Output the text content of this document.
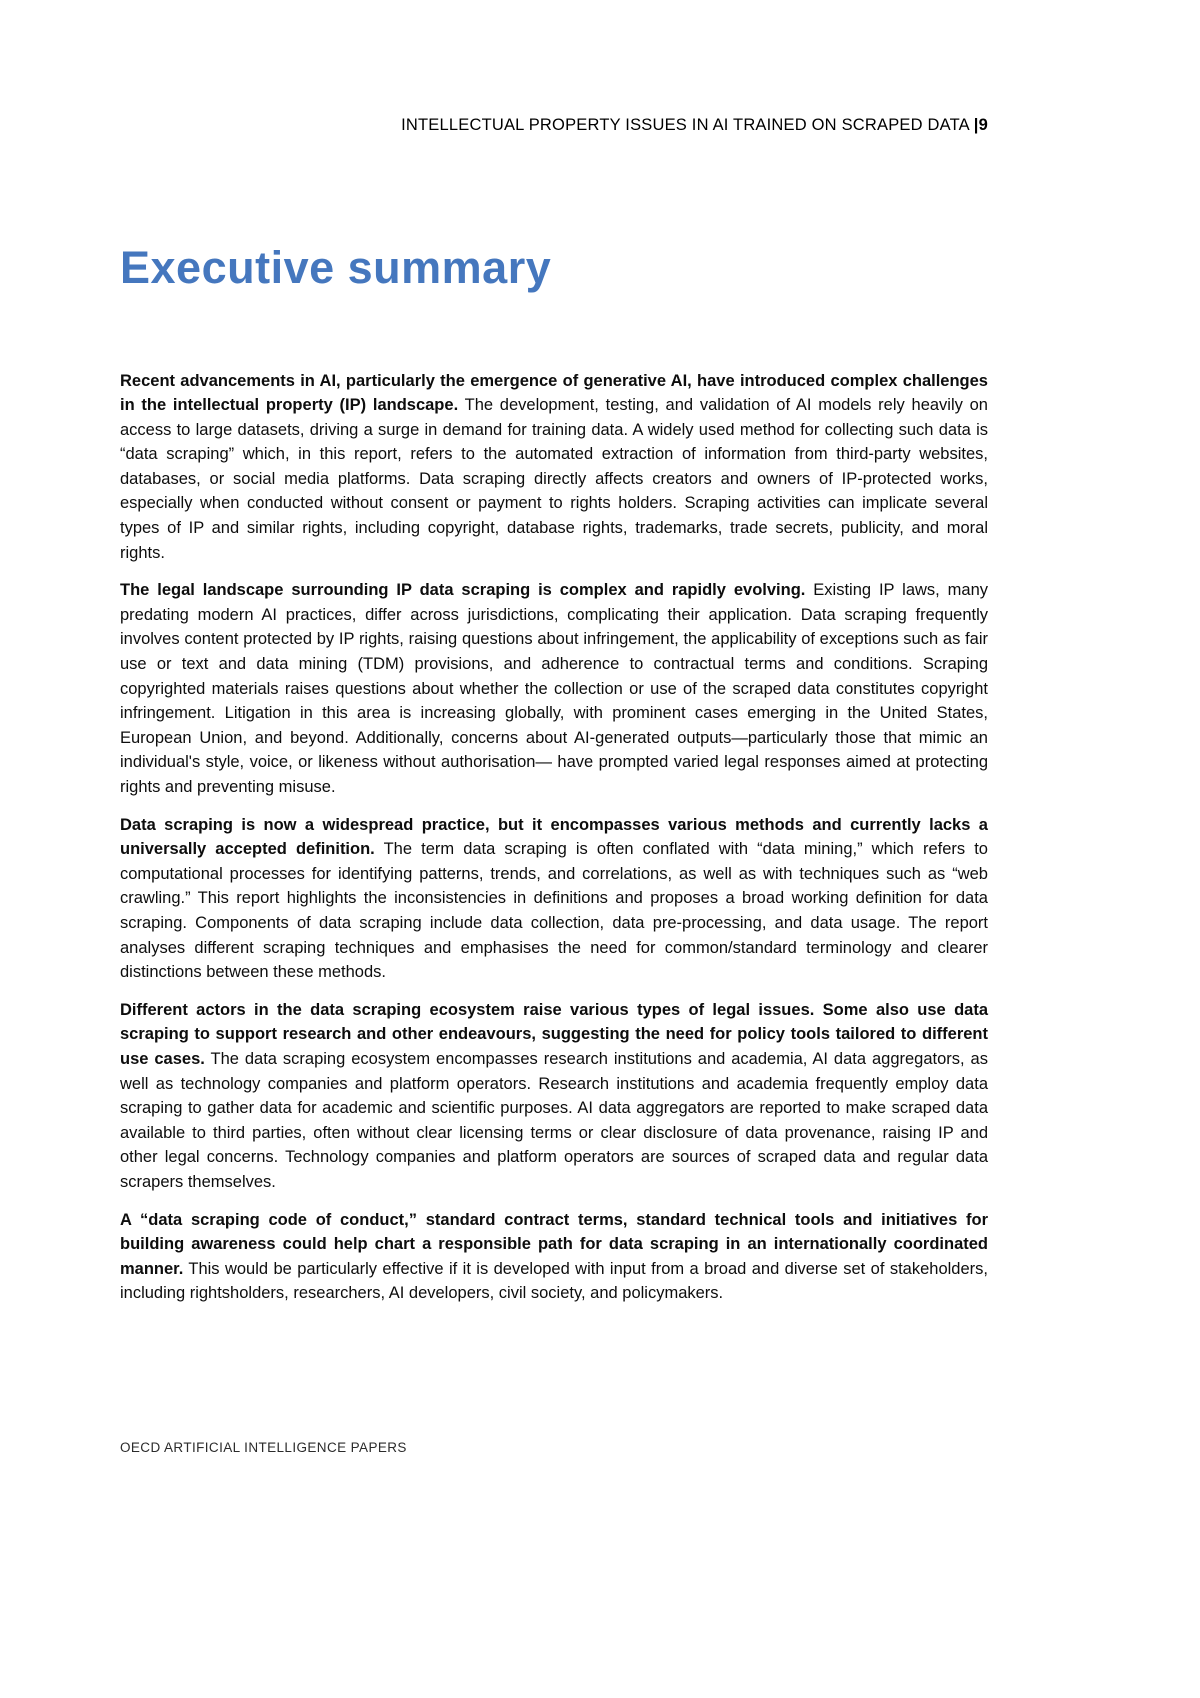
INTELLECTUAL PROPERTY ISSUES IN AI TRAINED ON SCRAPED DATA |9
Executive summary

Recent advancements in AI, particularly the emergence of generative AI, have introduced complex challenges in the intellectual property (IP) landscape. The development, testing, and validation of AI models rely heavily on access to large datasets, driving a surge in demand for training data. A widely used method for collecting such data is “data scraping” which, in this report, refers to the automated extraction of information from third-party websites, databases, or social media platforms. Data scraping directly affects creators and owners of IP-protected works, especially when conducted without consent or payment to rights holders. Scraping activities can implicate several types of IP and similar rights, including copyright, database rights, trademarks, trade secrets, publicity, and moral rights.

The legal landscape surrounding IP data scraping is complex and rapidly evolving. Existing IP laws, many predating modern AI practices, differ across jurisdictions, complicating their application. Data scraping frequently involves content protected by IP rights, raising questions about infringement, the applicability of exceptions such as fair use or text and data mining (TDM) provisions, and adherence to contractual terms and conditions. Scraping copyrighted materials raises questions about whether the collection or use of the scraped data constitutes copyright infringement. Litigation in this area is increasing globally, with prominent cases emerging in the United States, European Union, and beyond. Additionally, concerns about AI-generated outputs—particularly those that mimic an individual's style, voice, or likeness without authorisation— have prompted varied legal responses aimed at protecting rights and preventing misuse.

Data scraping is now a widespread practice, but it encompasses various methods and currently lacks a universally accepted definition. The term data scraping is often conflated with “data mining,” which refers to computational processes for identifying patterns, trends, and correlations, as well as with techniques such as “web crawling.” This report highlights the inconsistencies in definitions and proposes a broad working definition for data scraping. Components of data scraping include data collection, data pre-processing, and data usage. The report analyses different scraping techniques and emphasises the need for common/standard terminology and clearer distinctions between these methods.

Different actors in the data scraping ecosystem raise various types of legal issues. Some also use data scraping to support research and other endeavours, suggesting the need for policy tools tailored to different use cases. The data scraping ecosystem encompasses research institutions and academia, AI data aggregators, as well as technology companies and platform operators. Research institutions and academia frequently employ data scraping to gather data for academic and scientific purposes. AI data aggregators are reported to make scraped data available to third parties, often without clear licensing terms or clear disclosure of data provenance, raising IP and other legal concerns. Technology companies and platform operators are sources of scraped data and regular data scrapers themselves.

A “data scraping code of conduct,” standard contract terms, standard technical tools and initiatives for building awareness could help chart a responsible path for data scraping in an internationally coordinated manner. This would be particularly effective if it is developed with input from a broad and diverse set of stakeholders, including rightsholders, researchers, AI developers, civil society, and policymakers.

OECD ARTIFICIAL INTELLIGENCE PAPERS
